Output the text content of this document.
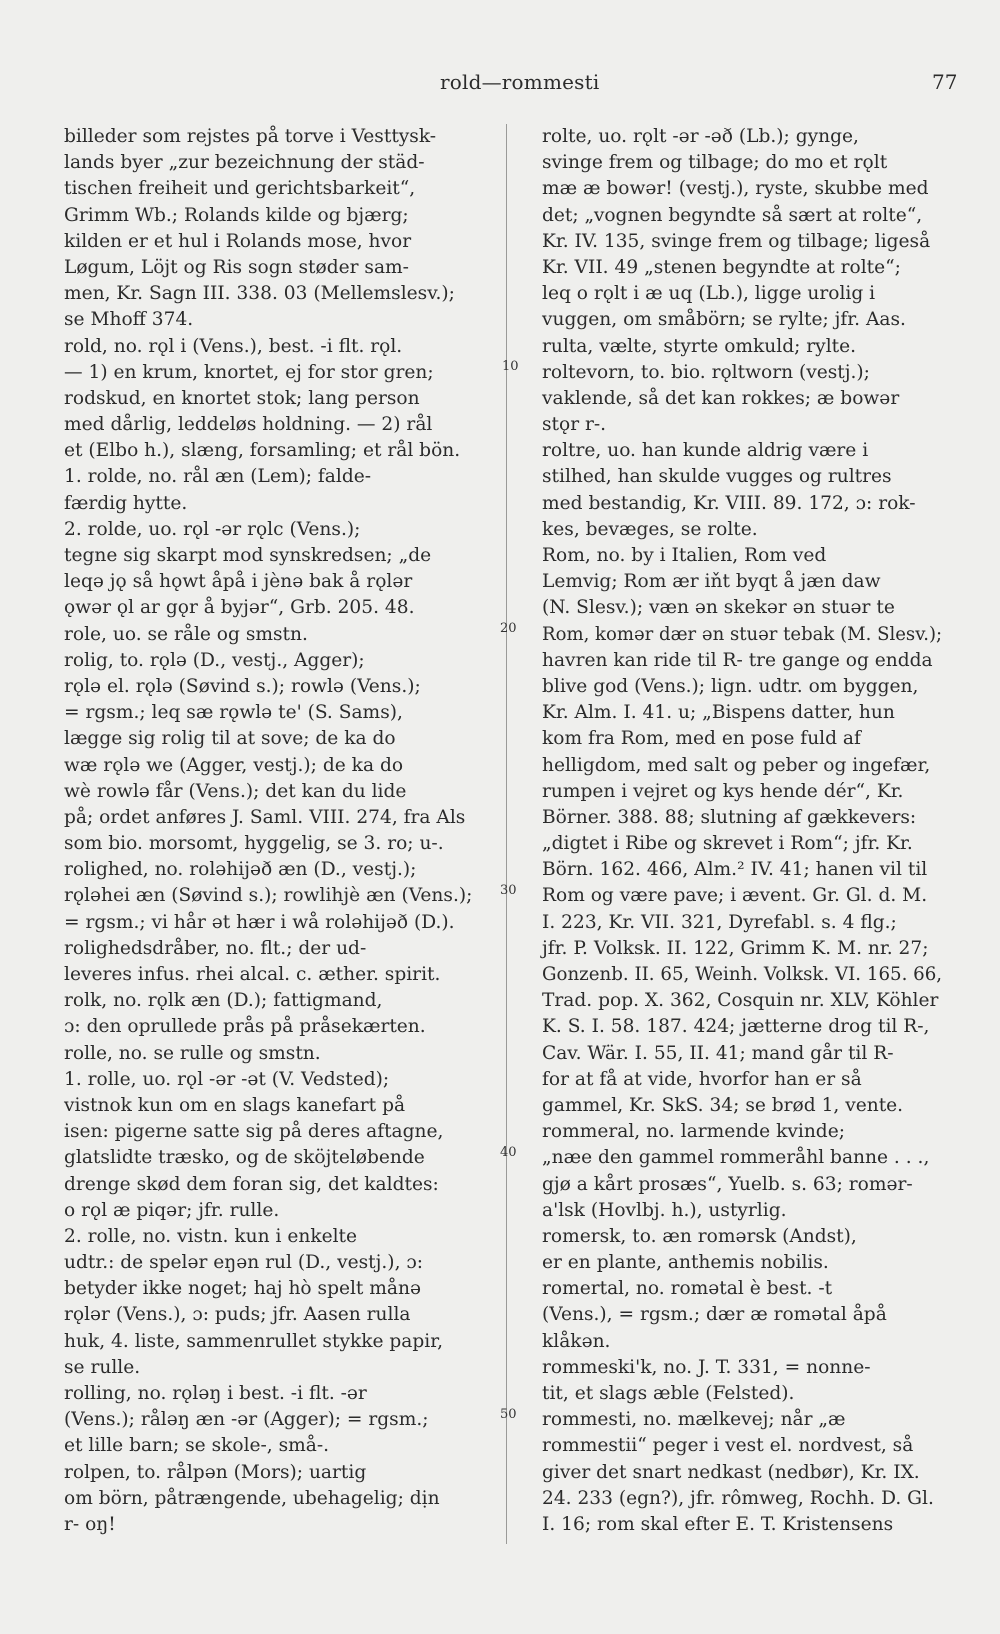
rold—rommesti	77
billeder som rejstes på torve i Vesttysk-
lands byer „zur bezeichnung der städ-
tischen freiheit und gerichtsbarkeit“,
Grimm Wb.; Rolands kilde og bjærg;
kilden er et hul i Rolands mose, hvor
Løgum, Löjt og Ris sogn støder sam-
men, Kr. Sagn III. 338. 03 (Mellemslesv.);
se Mhoff 374.
rold, no. rǫl i (Vens.), best. -i flt. rǫl.
— 1) en krum, knortet, ej for stor gren;
rodskud, en knortet stok; lang person
med dårlig, leddeløs holdning. — 2) rål
et (Elbo h.), slæng, forsamling; et rål bön.
1. rolde, no. rål æn (Lem); falde-
færdig hytte.
2. rolde, uo. rǫl -ər rǫlc (Vens.);
tegne sig skarpt mod synskredsen; „de
leqə jǫ så hǫwt åpå i jènə bak å rǫlər
ǫwər ǫl ar gǫr å byjər“, Grb. 205. 48.
role, uo. se råle og smstn.
rolig, to. rǫlə (D., vestj., Agger);
rǫlə el. rǫlə (Søvind s.); rowlə (Vens.);
= rgsm.; leq sæ rǫwlə te' (S. Sams),
lægge sig rolig til at sove; de ka do
wæ rǫlə we (Agger, vestj.); de ka do
wè rowlə får (Vens.); det kan du lide
på; ordet anføres J. Saml. VIII. 274, fra Als
som bio. morsomt, hyggelig, se 3. ro; u-.
rolighed, no. rolǝhijəð æn (D., vestj.);
rǫləhei æn (Søvind s.); rowlihjè æn (Vens.);
= rgsm.; vi hår ət hær i wå roləhijəð (D.).
rolighedsdråber, no. flt.; der ud-
leveres infus. rhei alcal. c. æther. spirit.
rolk, no. rǫlk æn (D.); fattigmand,
ɔ: den oprullede prås på pråsekærten.
rolle, no. se rulle og smstn.
1. rolle, uo. rǫl -ər -ət (V. Vedsted);
vistnok kun om en slags kanefart på
isen: pigerne satte sig på deres aftagne,
glatslidte træsko, og de sköjteløbende
drenge skød dem foran sig, det kaldtes:
o rǫl æ piqər; jfr. rulle.
2. rolle, no. vistn. kun i enkelte
udtr.: de spelər eŋən rul (D., vestj.), ɔ:
betyder ikke noget; haj hò spelt månə
rǫlər (Vens.), ɔ: puds; jfr. Aasen rulla
huk, 4. liste, sammenrullet stykke papir,
se rulle.
rolling, no. rǫləŋ i best. -i flt. -ər
(Vens.); råləŋ æn -ər (Agger); = rgsm.;
et lille barn; se skole-, små-.
rolpen, to. rålpən (Mors); uartig
om börn, påtrængende, ubehagelig; dịn
r- oŋ!
rolte, uo. rǫlt -ər -əð (Lb.); gynge,
svinge frem og tilbage; do mo et rǫlt
mæ æ bowər! (vestj.), ryste, skubbe med
det; „vognen begyndte så sært at rolte“,
Kr. IV. 135, svinge frem og tilbage; ligeså
Kr. VII. 49 „stenen begyndte at rolte“;
leq o rǫlt i æ uq (Lb.), ligge urolig i
vuggen, om småbörn; se rylte; jfr. Aas.
rulta, vælte, styrte omkuld; rylte.
roltevorn, to. bio. rǫltworn (vestj.);
vaklende, så det kan rokkes; æ bowər
stǫr r-.
roltre, uo. han kunde aldrig være i
stilhed, han skulde vugges og rultres
med bestandig, Kr. VIII. 89. 172, ɔ: rok-
kes, bevæges, se rolte.
Rom, no. by i Italien, Rom ved
Lemvig; Rom ær iňt byqt å jæn daw
(N. Slesv.); væn ən skekər ən stuər te
Rom, komər dær ən stuər tebak (M. Slesv.);
havren kan ride til R- tre gange og endda
blive god (Vens.); lign. udtr. om byggen,
Kr. Alm. I. 41. u; „Bispens datter, hun
kom fra Rom, med en pose fuld af
helligdom, med salt og peber og ingefær,
rumpen i vejret og kys hende dér“, Kr.
Börner. 388. 88; slutning af gækkevers:
„digtet i Ribe og skrevet i Rom“; jfr. Kr.
Börn. 162. 466, Alm.² IV. 41; hanen vil til
Rom og være pave; i ævent. Gr. Gl. d. M.
I. 223, Kr. VII. 321, Dyrefabl. s. 4 flg.;
jfr. P. Volksk. II. 122, Grimm K. M. nr. 27;
Gonzenb. II. 65, Weinh. Volksk. VI. 165. 66,
Trad. pop. X. 362, Cosquin nr. XLV, Köhler
K. S. I. 58. 187. 424; jætterne drog til R-,
Cav. Wär. I. 55, II. 41; mand går til R-
for at få at vide, hvorfor han er så
gammel, Kr. SkS. 34; se brød 1, vente.
rommeral, no. larmende kvinde;
„næe den gammel rommeråhl banne . . .,
gjø a kårt prosæs“, Yuelb. s. 63; romər-
a'lsk (Hovlbj. h.), ustyrlig.
romersk, to. æn romərsk (Andst),
er en plante, anthemis nobilis.
romertal, no. romətal è best. -t
(Vens.), = rgsm.; dær æ romətal åpå
klåkən.
rommeski'k, no. J. T. 331, = nonne-
tit, et slags æble (Felsted).
rommesti, no. mælkevej; når „æ
rommestii“ peger i vest el. nordvest, så
giver det snart nedkast (nedbør), Kr. IX.
24. 233 (egn?), jfr. rômweg, Rochh. D. Gl.
I. 16; rom skal efter E. T. Kristensens
10
20
30
40
50
